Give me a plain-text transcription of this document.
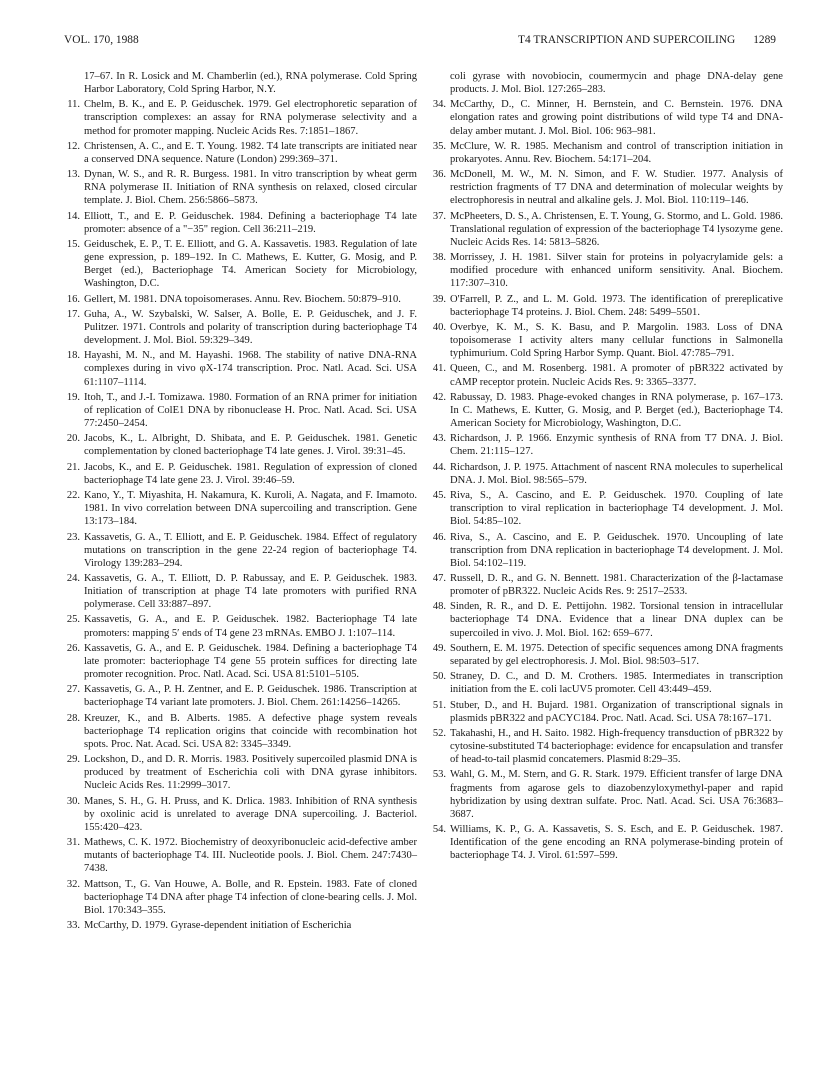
VOL. 170, 1988	T4 TRANSCRIPTION AND SUPERCOILING 1289
17–67. In R. Losick and M. Chamberlin (ed.), RNA polymerase. Cold Spring Harbor Laboratory, Cold Spring Harbor, N.Y.
11. Chelm, B. K., and E. P. Geiduschek. 1979. Gel electrophoretic separation of transcription complexes: an assay for RNA polymerase selectivity and a method for promoter mapping. Nucleic Acids Res. 7:1851–1867.
12. Christensen, A. C., and E. T. Young. 1982. T4 late transcripts are initiated near a conserved DNA sequence. Nature (London) 299:369–371.
13. Dynan, W. S., and R. R. Burgess. 1981. In vitro transcription by wheat germ RNA polymerase II. Initiation of RNA synthesis on relaxed, closed circular template. J. Biol. Chem. 256:5866–5873.
14. Elliott, T., and E. P. Geiduschek. 1984. Defining a bacteriophage T4 late promoter: absence of a "−35" region. Cell 36:211–219.
15. Geiduschek, E. P., T. E. Elliott, and G. A. Kassavetis. 1983. Regulation of late gene expression, p. 189–192. In C. Mathews, E. Kutter, G. Mosig, and P. Berget (ed.), Bacteriophage T4. American Society for Microbiology, Washington, D.C.
16. Gellert, M. 1981. DNA topoisomerases. Annu. Rev. Biochem. 50:879–910.
17. Guha, A., W. Szybalski, W. Salser, A. Bolle, E. P. Geiduschek, and J. F. Pulitzer. 1971. Controls and polarity of transcription during bacteriophage T4 development. J. Mol. Biol. 59:329–349.
18. Hayashi, M. N., and M. Hayashi. 1968. The stability of native DNA-RNA complexes during in vivo φX-174 transcription. Proc. Natl. Acad. Sci. USA 61:1107–1114.
19. Itoh, T., and J.-I. Tomizawa. 1980. Formation of an RNA primer for initiation of replication of ColE1 DNA by ribonuclease H. Proc. Natl. Acad. Sci. USA 77:2450–2454.
20. Jacobs, K., L. Albright, D. Shibata, and E. P. Geiduschek. 1981. Genetic complementation by cloned bacteriophage T4 late genes. J. Virol. 39:31–45.
21. Jacobs, K., and E. P. Geiduschek. 1981. Regulation of expression of cloned bacteriophage T4 late gene 23. J. Virol. 39:46–59.
22. Kano, Y., T. Miyashita, H. Nakamura, K. Kuroli, A. Nagata, and F. Imamoto. 1981. In vivo correlation between DNA supercoiling and transcription. Gene 13:173–184.
23. Kassavetis, G. A., T. Elliott, and E. P. Geiduschek. 1984. Effect of regulatory mutations on transcription in the gene 22-24 region of bacteriophage T4. Virology 139:283–294.
24. Kassavetis, G. A., T. Elliott, D. P. Rabussay, and E. P. Geiduschek. 1983. Initiation of transcription at phage T4 late promoters with purified RNA polymerase. Cell 33:887–897.
25. Kassavetis, G. A., and E. P. Geiduschek. 1982. Bacteriophage T4 late promoters: mapping 5′ ends of T4 gene 23 mRNAs. EMBO J. 1:107–114.
26. Kassavetis, G. A., and E. P. Geiduschek. 1984. Defining a bacteriophage T4 late promoter: bacteriophage T4 gene 55 protein suffices for directing late promoter recognition. Proc. Natl. Acad. Sci. USA 81:5101–5105.
27. Kassavetis, G. A., P. H. Zentner, and E. P. Geiduschek. 1986. Transcription at bacteriophage T4 variant late promoters. J. Biol. Chem. 261:14256–14265.
28. Kreuzer, K., and B. Alberts. 1985. A defective phage system reveals bacteriophage T4 replication origins that coincide with recombination hot spots. Proc. Nat. Acad. Sci. USA 82: 3345–3349.
29. Lockshon, D., and D. R. Morris. 1983. Positively supercoiled plasmid DNA is produced by treatment of Escherichia coli with DNA gyrase inhibitors. Nucleic Acids Res. 11:2999–3017.
30. Manes, S. H., G. H. Pruss, and K. Drlica. 1983. Inhibition of RNA synthesis by oxolinic acid is unrelated to average DNA supercoiling. J. Bacteriol. 155:420–423.
31. Mathews, C. K. 1972. Biochemistry of deoxyribonucleic acid-defective amber mutants of bacteriophage T4. III. Nucleotide pools. J. Biol. Chem. 247:7430–7438.
32. Mattson, T., G. Van Houwe, A. Bolle, and R. Epstein. 1983. Fate of cloned bacteriophage T4 DNA after phage T4 infection of clone-bearing cells. J. Mol. Biol. 170:343–355.
33. McCarthy, D. 1979. Gyrase-dependent initiation of Escherichia
coli gyrase with novobiocin, coumermycin and phage DNA-delay gene products. J. Mol. Biol. 127:265–283.
34. McCarthy, D., C. Minner, H. Bernstein, and C. Bernstein. 1976. DNA elongation rates and growing point distributions of wild type T4 and DNA-delay amber mutant. J. Mol. Biol. 106: 963–981.
35. McClure, W. R. 1985. Mechanism and control of transcription initiation in prokaryotes. Annu. Rev. Biochem. 54:171–204.
36. McDonell, M. W., M. N. Simon, and F. W. Studier. 1977. Analysis of restriction fragments of T7 DNA and determination of molecular weights by electrophoresis in neutral and alkaline gels. J. Mol. Biol. 110:119–146.
37. McPheeters, D. S., A. Christensen, E. T. Young, G. Stormo, and L. Gold. 1986. Translational regulation of expression of the bacteriophage T4 lysozyme gene. Nucleic Acids Res. 14: 5813–5826.
38. Morrissey, J. H. 1981. Silver stain for proteins in polyacrylamide gels: a modified procedure with enhanced uniform sensitivity. Anal. Biochem. 117:307–310.
39. O'Farrell, P. Z., and L. M. Gold. 1973. The identification of prereplicative bacteriophage T4 proteins. J. Biol. Chem. 248: 5499–5501.
40. Overbye, K. M., S. K. Basu, and P. Margolin. 1983. Loss of DNA topoisomerase I activity alters many cellular functions in Salmonella typhimurium. Cold Spring Harbor Symp. Quant. Biol. 47:785–791.
41. Queen, C., and M. Rosenberg. 1981. A promoter of pBR322 activated by cAMP receptor protein. Nucleic Acids Res. 9: 3365–3377.
42. Rabussay, D. 1983. Phage-evoked changes in RNA polymerase, p. 167–173. In C. Mathews, E. Kutter, G. Mosig, and P. Berget (ed.), Bacteriophage T4. American Society for Microbiology, Washington, D.C.
43. Richardson, J. P. 1966. Enzymic synthesis of RNA from T7 DNA. J. Biol. Chem. 21:115–127.
44. Richardson, J. P. 1975. Attachment of nascent RNA molecules to superhelical DNA. J. Mol. Biol. 98:565–579.
45. Riva, S., A. Cascino, and E. P. Geiduschek. 1970. Coupling of late transcription to viral replication in bacteriophage T4 development. J. Mol. Biol. 54:85–102.
46. Riva, S., A. Cascino, and E. P. Geiduschek. 1970. Uncoupling of late transcription from DNA replication in bacteriophage T4 development. J. Mol. Biol. 54:102–119.
47. Russell, D. R., and G. N. Bennett. 1981. Characterization of the β-lactamase promoter of pBR322. Nucleic Acids Res. 9: 2517–2533.
48. Sinden, R. R., and D. E. Pettijohn. 1982. Torsional tension in intracellular bacteriophage T4 DNA. Evidence that a linear DNA duplex can be supercoiled in vivo. J. Mol. Biol. 162: 659–677.
49. Southern, E. M. 1975. Detection of specific sequences among DNA fragments separated by gel electrophoresis. J. Mol. Biol. 98:503–517.
50. Straney, D. C., and D. M. Crothers. 1985. Intermediates in transcription initiation from the E. coli lacUV5 promoter. Cell 43:449–459.
51. Stuber, D., and H. Bujard. 1981. Organization of transcriptional signals in plasmids pBR322 and pACYC184. Proc. Natl. Acad. Sci. USA 78:167–171.
52. Takahashi, H., and H. Saito. 1982. High-frequency transduction of pBR322 by cytosine-substituted T4 bacteriophage: evidence for encapsulation and transfer of head-to-tail plasmid concatemers. Plasmid 8:29–35.
53. Wahl, G. M., M. Stern, and G. R. Stark. 1979. Efficient transfer of large DNA fragments from agarose gels to diazobenzyloxymethyl-paper and rapid hybridization by using dextran sulfate. Proc. Natl. Acad. Sci. USA 76:3683–3687.
54. Williams, K. P., G. A. Kassavetis, S. S. Esch, and E. P. Geiduschek. 1987. Identification of the gene encoding an RNA polymerase-binding protein of bacteriophage T4. J. Virol. 61:597–599.
